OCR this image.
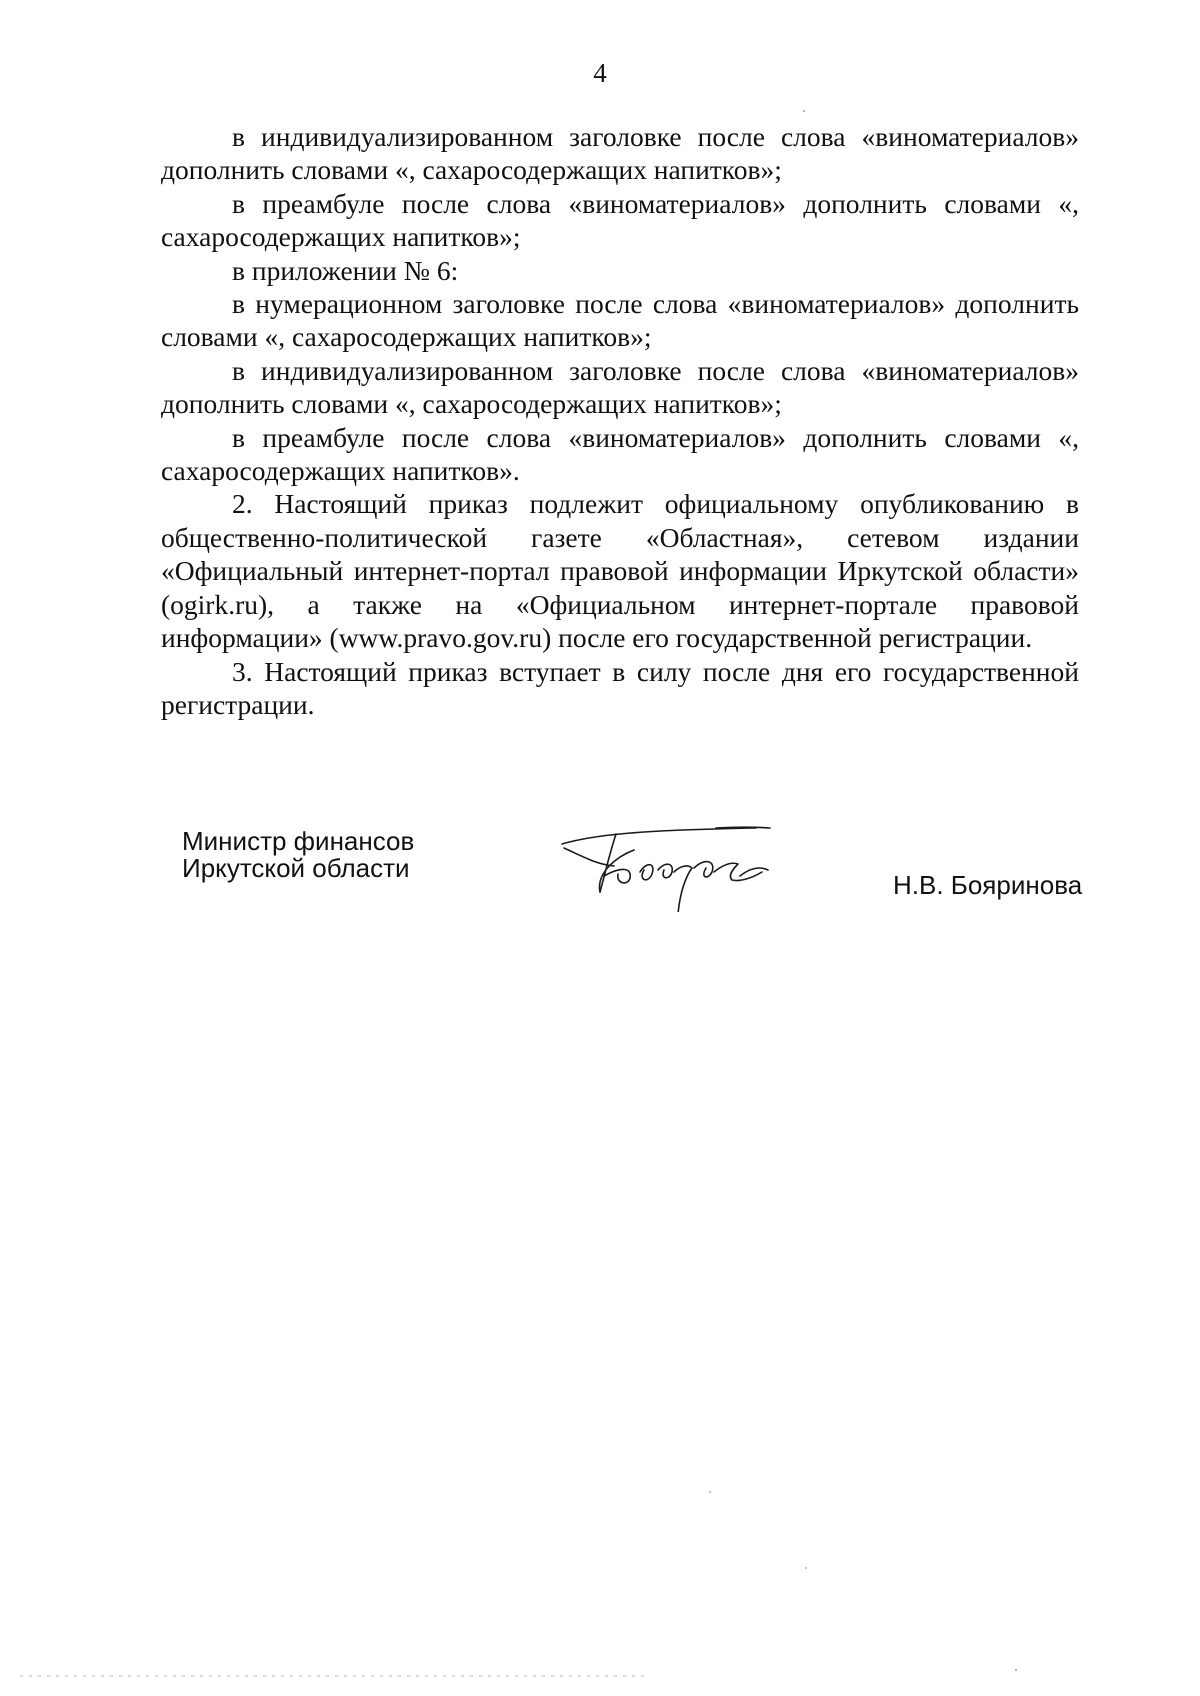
4

в индивидуализированном заголовке после слова «виноматериалов» дополнить словами «, сахаросодержащих напитков»;

в преамбуле после слова «виноматериалов» дополнить словами «, сахаросодержащих напитков»;

в приложении № 6:

в нумерационном заголовке после слова «виноматериалов» дополнить словами «, сахаросодержащих напитков»;

в индивидуализированном заголовке после слова «виноматериалов» дополнить словами «, сахаросодержащих напитков»;

в преамбуле после слова «виноматериалов» дополнить словами «, сахаросодержащих напитков».

2. Настоящий приказ подлежит официальному опубликованию в общественно-политической газете «Областная», сетевом издании «Официальный интернет-портал правовой информации Иркутской области» (ogirk.ru), а также на «Официальном интернет-портале правовой информации» (www.pravo.gov.ru) после его государственной регистрации.

3. Настоящий приказ вступает в силу после дня его государственной регистрации.

Министр финансов
Иркутской области
Н.В. Бояринова
